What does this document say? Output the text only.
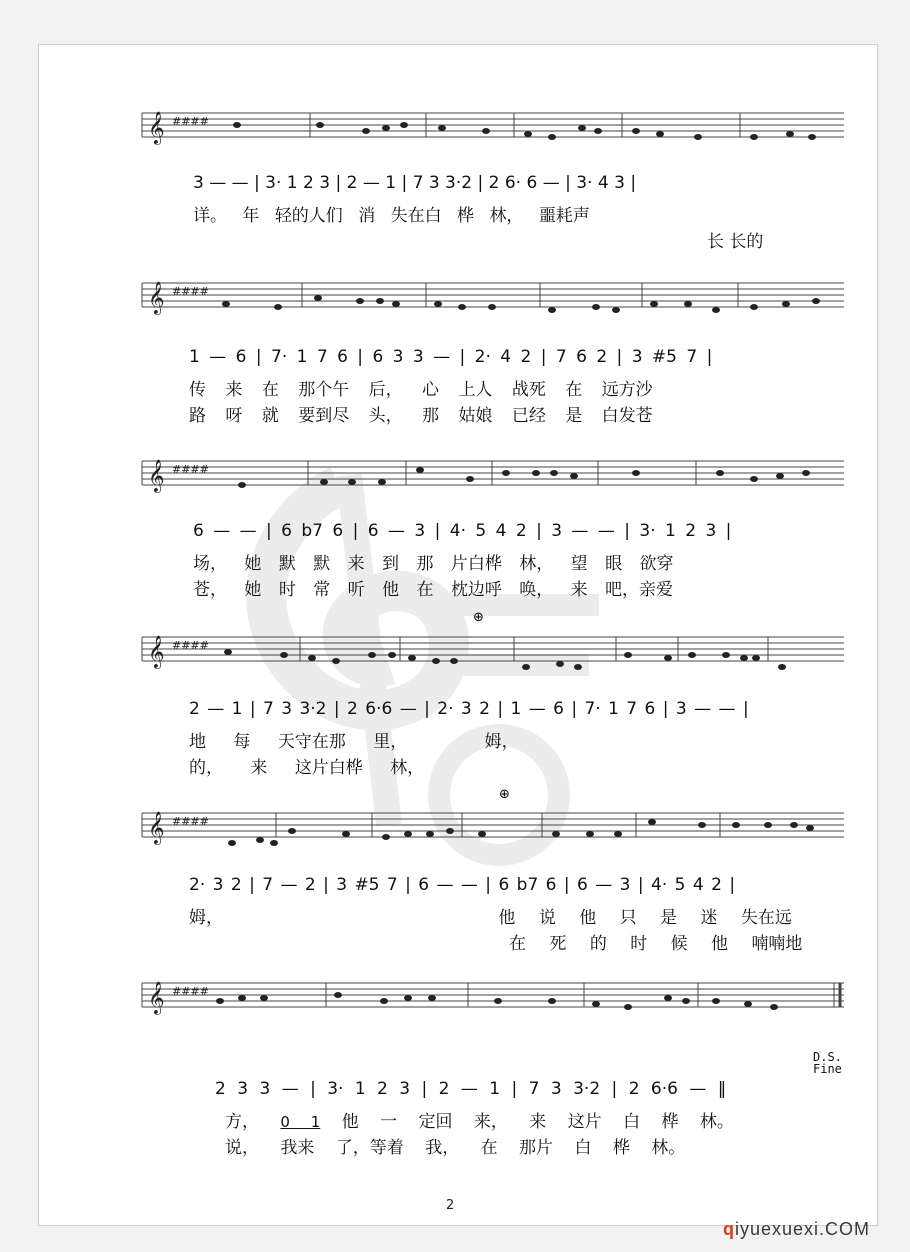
𝄞 ####
3 — — | 3· 1 2 3 | 2 — 1 | 7 3 3·2 | 2 6· 6 — | 3· 4 3 |
详。 年 轻的人们 消 失在白 桦 林， 噩耗声
长 长的
𝄞 ####
1 — 6 | 7· 1 7 6 | 6 3 3 — | 2· 4 2 | 7 6 2 | 3 #5 7 |
传 来 在 那个午 后， 心 上人 战死 在 远方沙
路 呀 就 要到尽 头， 那 姑娘 已经 是 白发苍
𝄞 ####
6 — — | 6 b7 6 | 6 — 3 | 4· 5 4 2 | 3 — — | 3· 1 2 3 |
场， 她 默 默 来 到 那 片白桦 林， 望 眼 欲穿
苍， 她 时 常 听 他 在 枕边呼 唤， 来 吧，亲爱
⊕
𝄞 ####
2 — 1 | 7 3 3·2 | 2 6·6 — | 2· 3 2 | 1 — 6 | 7· 1 7 6 | 3 — — |
地 每 天守在那 里，	姆，
的， 来 这片白桦 林，
⊕
𝄞 ####
2· 3 2 | 7 — 2 | 3 #5 7 | 6 — — | 6 b7 6 | 6 — 3 | 4· 5 4 2 |
姆，	他 说 他 只 是 迷 失在远
在 死 的 时 候 他 喃喃地
𝄞 ####
D.S.
Fine
2 3 3 — | 3· 1 2 3 | 2 — 1 | 7 3 3·2 | 2 6·6 — ‖
方， 0 1 他 一 定回 来， 来 这片 白 桦 林。
说， 我来 了，等着 我， 在 那片 白 桦 林。
2
qiyuexuexi.COM
